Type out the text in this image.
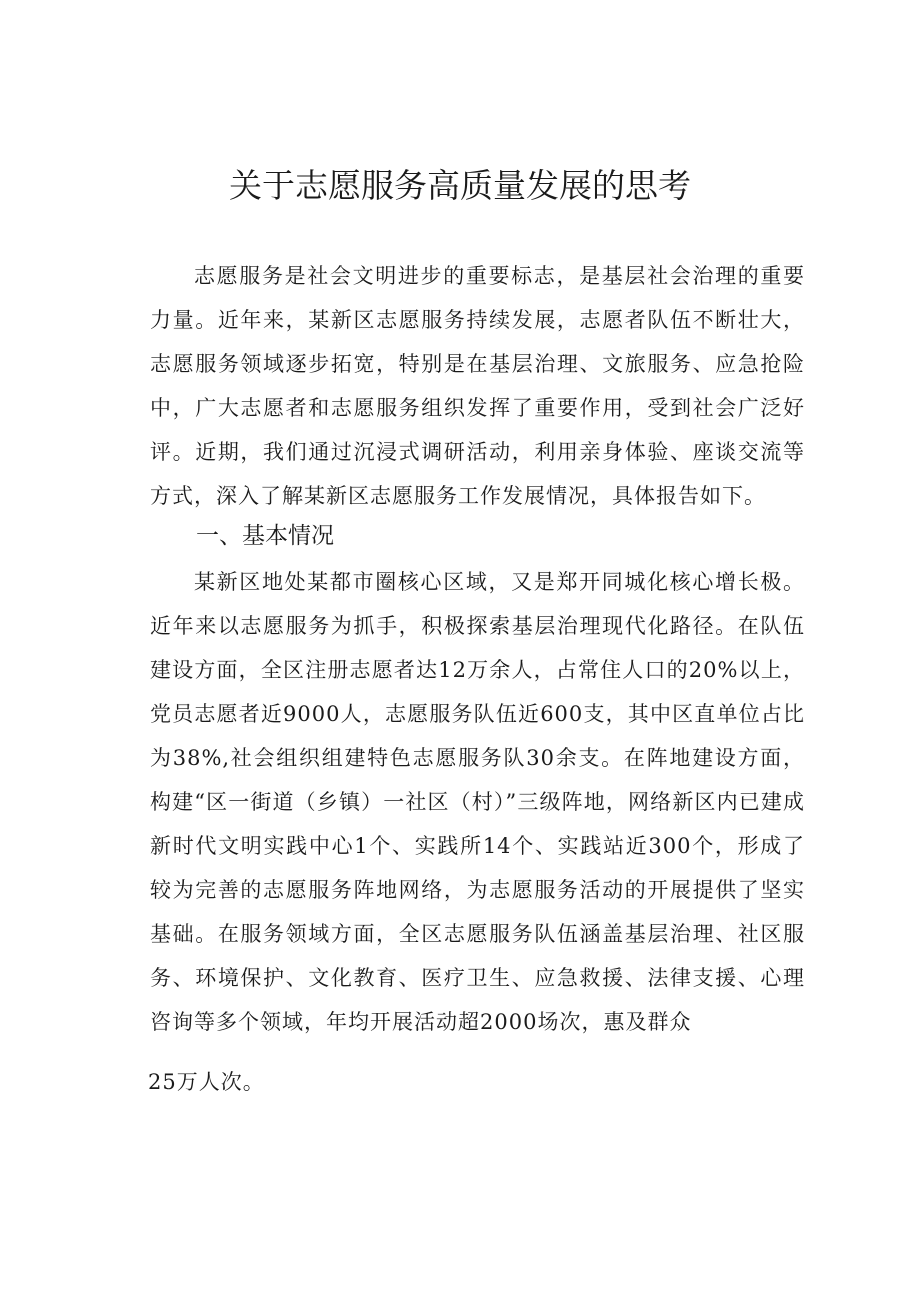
关于志愿服务高质量发展的思考

志愿服务是社会文明进步的重要标志，是基层社会治理的重要力量。近年来，某新区志愿服务持续发展，志愿者队伍不断壮大，志愿服务领域逐步拓宽，特别是在基层治理、文旅服务、应急抢险中，广大志愿者和志愿服务组织发挥了重要作用，受到社会广泛好评。近期，我们通过沉浸式调研活动，利用亲身体验、座谈交流等方式，深入了解某新区志愿服务工作发展情况，具体报告如下。

一、基本情况

某新区地处某都市圈核心区域，又是郑开同城化核心增长极。近年来以志愿服务为抓手，积极探索基层治理现代化路径。在队伍建设方面，全区注册志愿者达12万余人，占常住人口的20%以上，党员志愿者近9000人，志愿服务队伍近600支，其中区直单位占比为38%,社会组织组建特色志愿服务队30余支。在阵地建设方面，构建“区一街道（乡镇）一社区（村）”三级阵地，网络新区内已建成新时代文明实践中心1个、实践所14个、实践站近300个，形成了较为完善的志愿服务阵地网络，为志愿服务活动的开展提供了坚实基础。在服务领域方面，全区志愿服务队伍涵盖基层治理、社区服务、环境保护、文化教育、医疗卫生、应急救援、法律支援、心理咨询等多个领域，年均开展活动超2000场次，惠及群众

25万人次。
